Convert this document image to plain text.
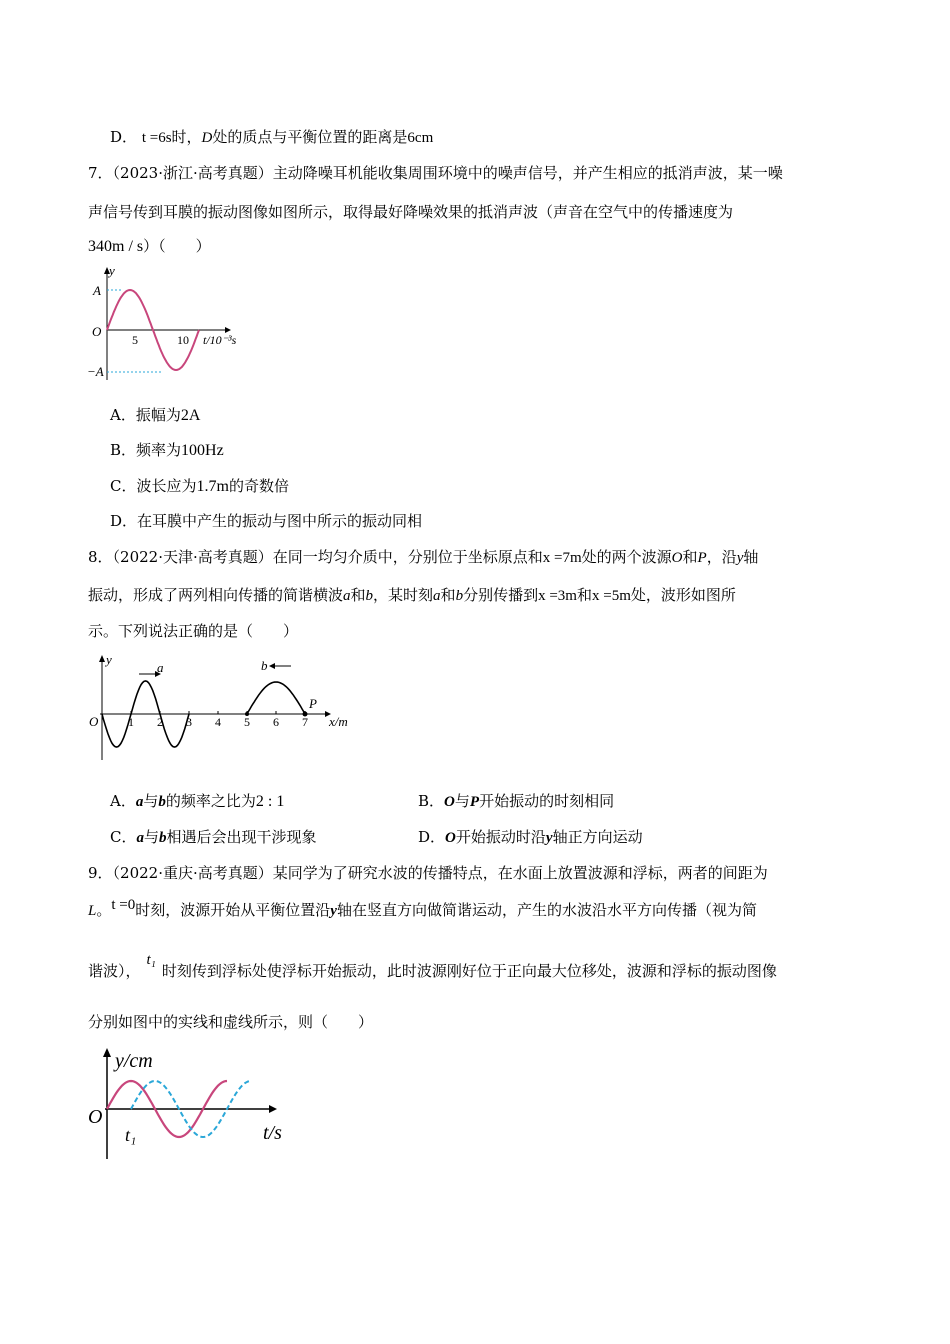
D． t =6s时，D处的质点与平衡位置的距离是6cm
7．（2023·浙江·高考真题）主动降噪耳机能收集周围环境中的噪声信号，并产生相应的抵消声波，某一噪
声信号传到耳膜的振动图像如图所示，取得最好降噪效果的抵消声波（声音在空气中的传播速度为
340m / s）（　　）
y
A
O
−A
5	10 t/10⁻³s
A．振幅为2A
B．频率为100Hz
C．波长应为1.7m的奇数倍
D．在耳膜中产生的振动与图中所示的振动同相
8．（2022·天津·高考真题）在同一均匀介质中，分别位于坐标原点和x =7m处的两个波源O和P，沿y轴
振动，形成了两列相向传播的简谐横波a和b，某时刻a和b分别传播到x =3m和x =5m处，波形如图所
示。下列说法正确的是（　　）
y
a	b
O
P
x/m
1 2 3 4 5 6 7
A．a与b的频率之比为2 : 1	B．O与P开始振动的时刻相同
C．a与b相遇后会出现干涉现象	D．O开始振动时沿y轴正方向运动
9．（2022·重庆·高考真题）某同学为了研究水波的传播特点，在水面上放置波源和浮标，两者的间距为
L。t =0时刻，波源开始从平衡位置沿y轴在竖直方向做简谐运动，产生的水波沿水平方向传播（视为简
谐波），t₁时刻传到浮标处使浮标开始振动，此时波源刚好位于正向最大位移处，波源和浮标的振动图像
分别如图中的实线和虚线所示，则（　　）
y/cm
O
t₁	t/s
